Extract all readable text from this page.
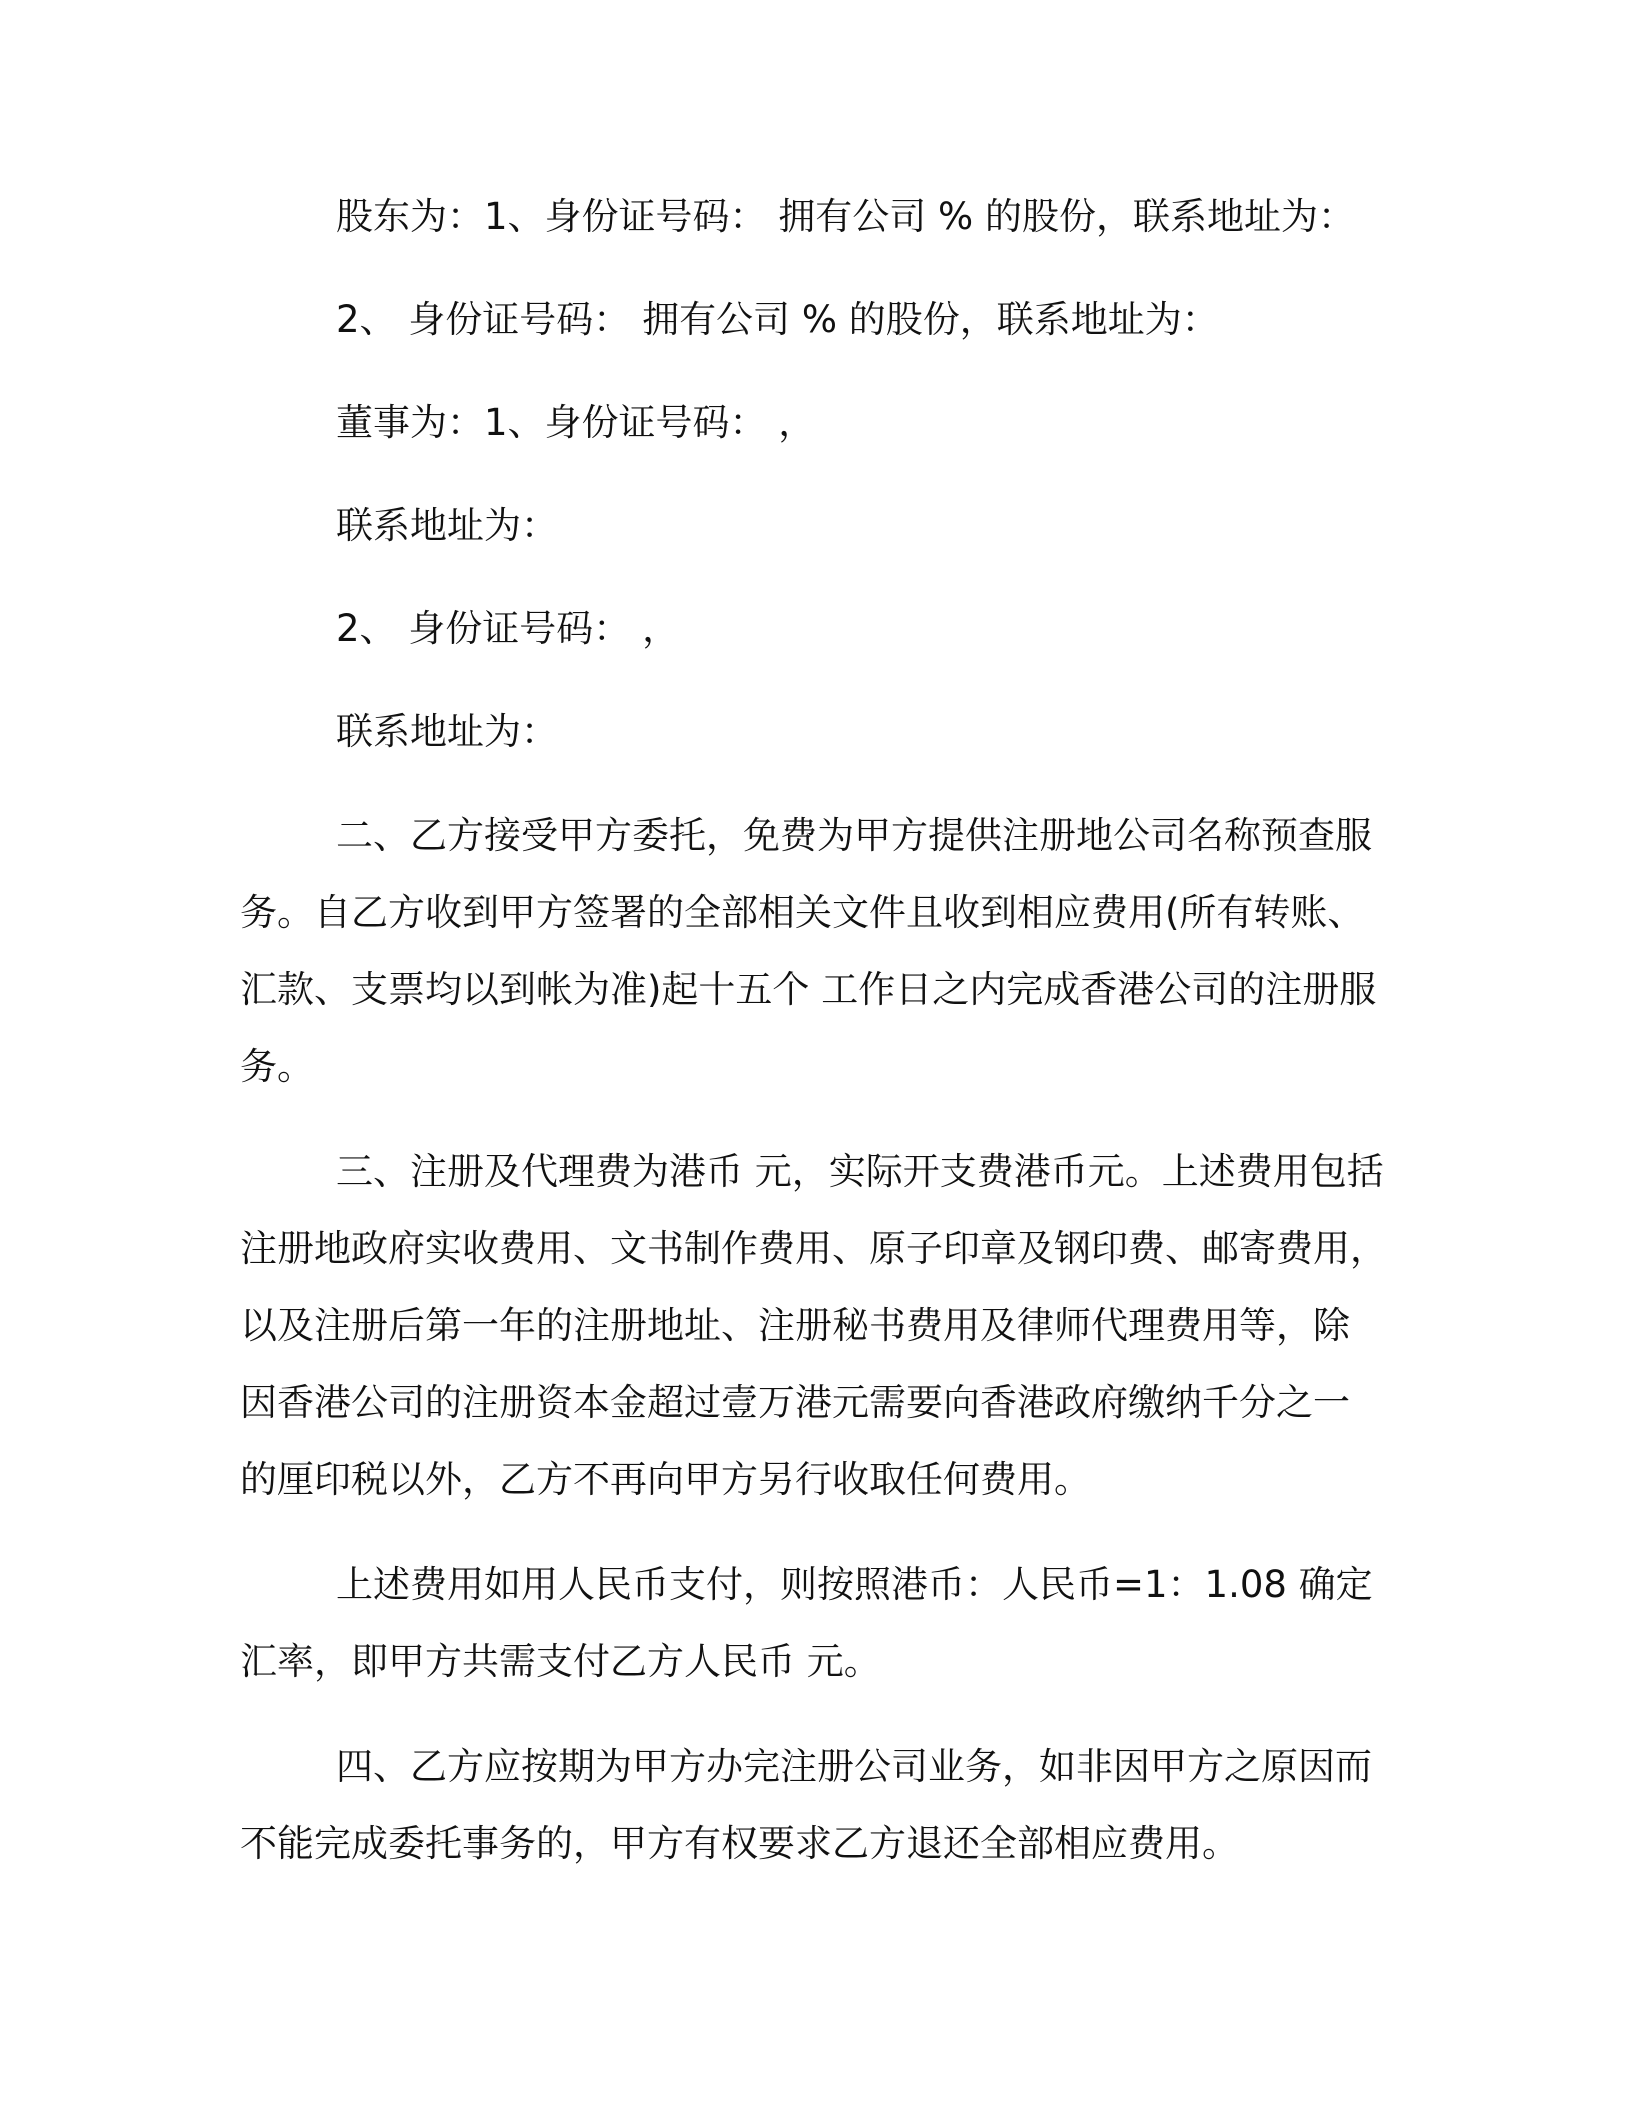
股东为：1、身份证号码： 拥有公司 % 的股份，联系地址为：

2、 身份证号码： 拥有公司 % 的股份，联系地址为：

董事为：1、身份证号码： ，

联系地址为：

2、 身份证号码： ，

联系地址为：

二、乙方接受甲方委托，免费为甲方提供注册地公司名称预查服

务。自乙方收到甲方签署的全部相关文件且收到相应费用(所有转账、

汇款、支票均以到帐为准)起十五个 工作日之内完成香港公司的注册服

务。

三、注册及代理费为港币 元，实际开支费港币元。上述费用包括

注册地政府实收费用、文书制作费用、原子印章及钢印费、邮寄费用，

以及注册后第一年的注册地址、注册秘书费用及律师代理费用等，除

因香港公司的注册资本金超过壹万港元需要向香港政府缴纳千分之一

的厘印税以外，乙方不再向甲方另行收取任何费用。

上述费用如用人民币支付，则按照港币：人民币=1：1.08 确定

汇率，即甲方共需支付乙方人民币 元。

四、乙方应按期为甲方办完注册公司业务，如非因甲方之原因而

不能完成委托事务的，甲方有权要求乙方退还全部相应费用。
